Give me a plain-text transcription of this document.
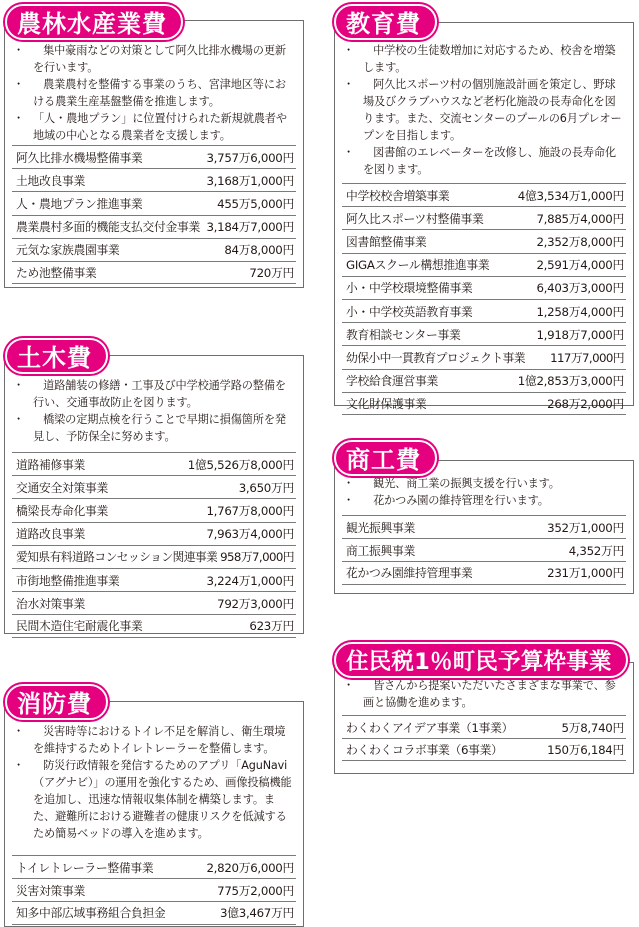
農林水産業費
・	集中豪雨などの対策として阿久比排水機場の更新を行います。
・	農業農村を整備する事業のうち、宮津地区等における農業生産基盤整備を推進します。
・ 「人・農地プラン」に位置付けられた新規就農者や地域の中心となる農業者を支援します。
阿久比排水機場整備事業	3,757万6,000円
土地改良事業	3,168万1,000円
人・農地プラン推進事業	455万5,000円
農業農村多面的機能支払交付金事業 3,184万7,000円
元気な家族農園事業	84万8,000円
ため池整備事業	720万円
土木費
・	道路舗装の修繕・工事及び中学校通学路の整備を行い、交通事故防止を図ります。
・	橋梁の定期点検を行うことで早期に損傷箇所を発見し、予防保全に努めます。
道路補修事業	1億5,526万8,000円
交通安全対策事業	3,650万円
橋梁長寿命化事業	1,767万8,000円
道路改良事業	7,963万4,000円
愛知県有料道路コンセッション関連事業 958万7,000円
市街地整備推進事業	3,224万1,000円
治水対策事業	792万3,000円
民間木造住宅耐震化事業	623万円
消防費
・	災害時等におけるトイレ不足を解消し、衛生環境を維持するためトイレトレーラーを整備します。
・	防災行政情報を発信するためのアプリ「AguNavi（アグナビ）」の運用を強化するため、画像投稿機能を追加し、迅速な情報収集体制を構築します。また、避難所における避難者の健康リスクを低減するため簡易ベッドの導入を進めます。
トイレトレーラー整備事業	2,820万6,000円
災害対策事業	775万2,000円
知多中部広域事務組合負担金	3億3,467万円
教育費
・	中学校の生徒数増加に対応するため、校舎を増築します。
・	阿久比スポーツ村の個別施設計画を策定し、野球場及びクラブハウスなど老朽化施設の長寿命化を図ります。また、交流センターのプールの6月プレオープンを目指します。
・	図書館のエレベーターを改修し、施設の長寿命化を図ります。
中学校校舎増築事業	4億3,534万1,000円
阿久比スポーツ村整備事業	7,885万4,000円
図書館整備事業	2,352万8,000円
GIGAスクール構想推進事業	2,591万4,000円
小・中学校環境整備事業	6,403万3,000円
小・中学校英語教育事業	1,258万4,000円
教育相談センター事業	1,918万7,000円
幼保小中一貫教育プロジェクト事業 117万7,000円
学校給食運営事業	1億2,853万3,000円
文化財保護事業	268万2,000円
商工費
・	観光、商工業の振興支援を行います。
・	花かつみ園の維持管理を行います。
観光振興事業	352万1,000円
商工振興事業	4,352万円
花かつみ園維持管理事業	231万1,000円
住民税1％町民予算枠事業
・	皆さんから提案いただいたさまざまな事業で、参画と協働を進めます。
わくわくアイデア事業（1事業）	5万8,740円
わくわくコラボ事業（6事業）	150万6,184円
